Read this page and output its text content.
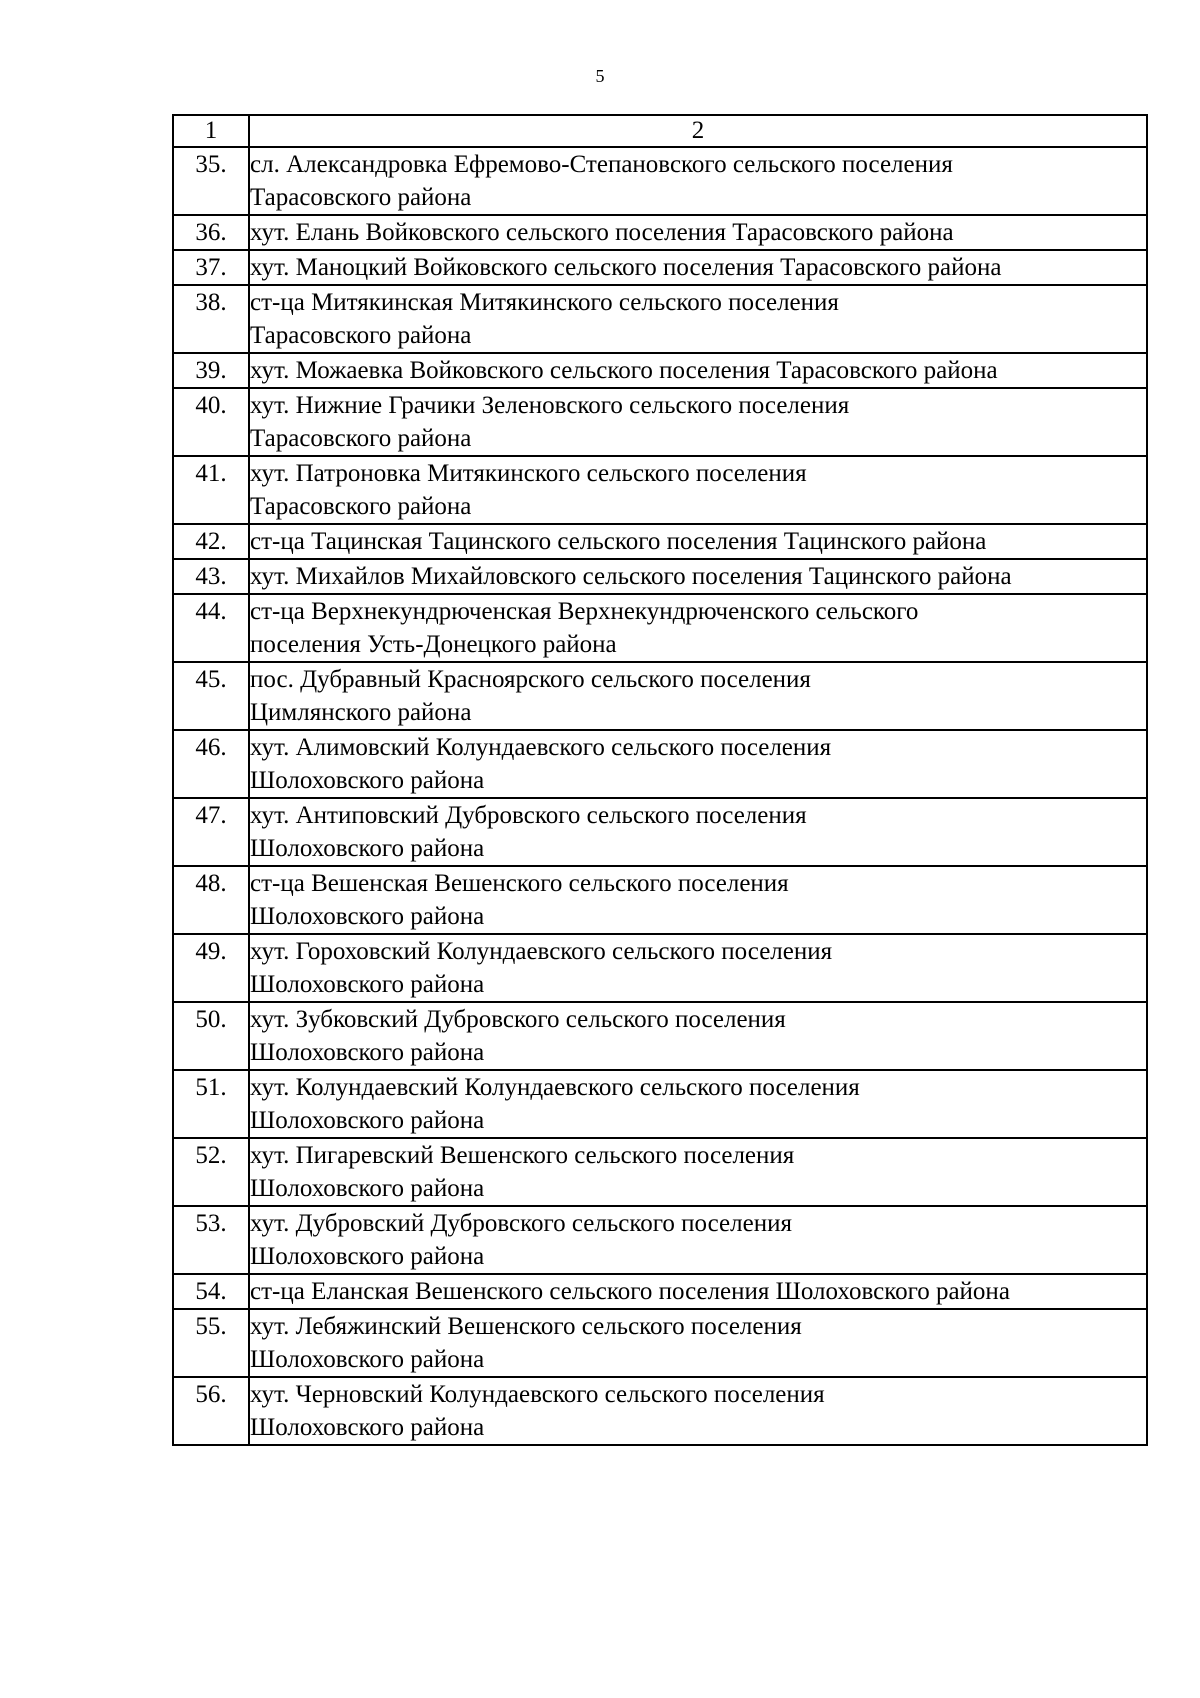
5
1	2
35.	сл. Александровка Ефремово-Степановского сельского поселения
Тарасовского района

36.	хут. Елань Войковского сельского поселения Тарасовского района

37.	хут. Маноцкий Войковского сельского поселения Тарасовского района

38.	ст-ца Митякинская Митякинского сельского поселения
Тарасовского района

39.	хут. Можаевка Войковского сельского поселения Тарасовского района

40.	хут. Нижние Грачики Зеленовского сельского поселения
Тарасовского района

41.	хут. Патроновка Митякинского сельского поселения
Тарасовского района

42.	ст-ца Тацинская Тацинского сельского поселения Тацинского района

43.	хут. Михайлов Михайловского сельского поселения Тацинского района

44.	ст-ца Верхнекундрюченская Верхнекундрюченского сельского
поселения Усть-Донецкого района

45.	пос. Дубравный Красноярского сельского поселения
Цимлянского района

46.	хут. Алимовский Колундаевского сельского поселения
Шолоховского района

47.	хут. Антиповский Дубровского сельского поселения
Шолоховского района

48.	ст-ца Вешенская Вешенского сельского поселения
Шолоховского района

49.	хут. Гороховский Колундаевского сельского поселения
Шолоховского района

50.	хут. Зубковский Дубровского сельского поселения
Шолоховского района

51.	хут. Колундаевский Колундаевского сельского поселения
Шолоховского района

52.	хут. Пигаревский Вешенского сельского поселения
Шолоховского района

53.	хут. Дубровский Дубровского сельского поселения
Шолоховского района

54.	ст-ца Еланская Вешенского сельского поселения Шолоховского района

55.	хут. Лебяжинский Вешенского сельского поселения
Шолоховского района

56.	хут. Черновский Колундаевского сельского поселения
Шолоховского района
